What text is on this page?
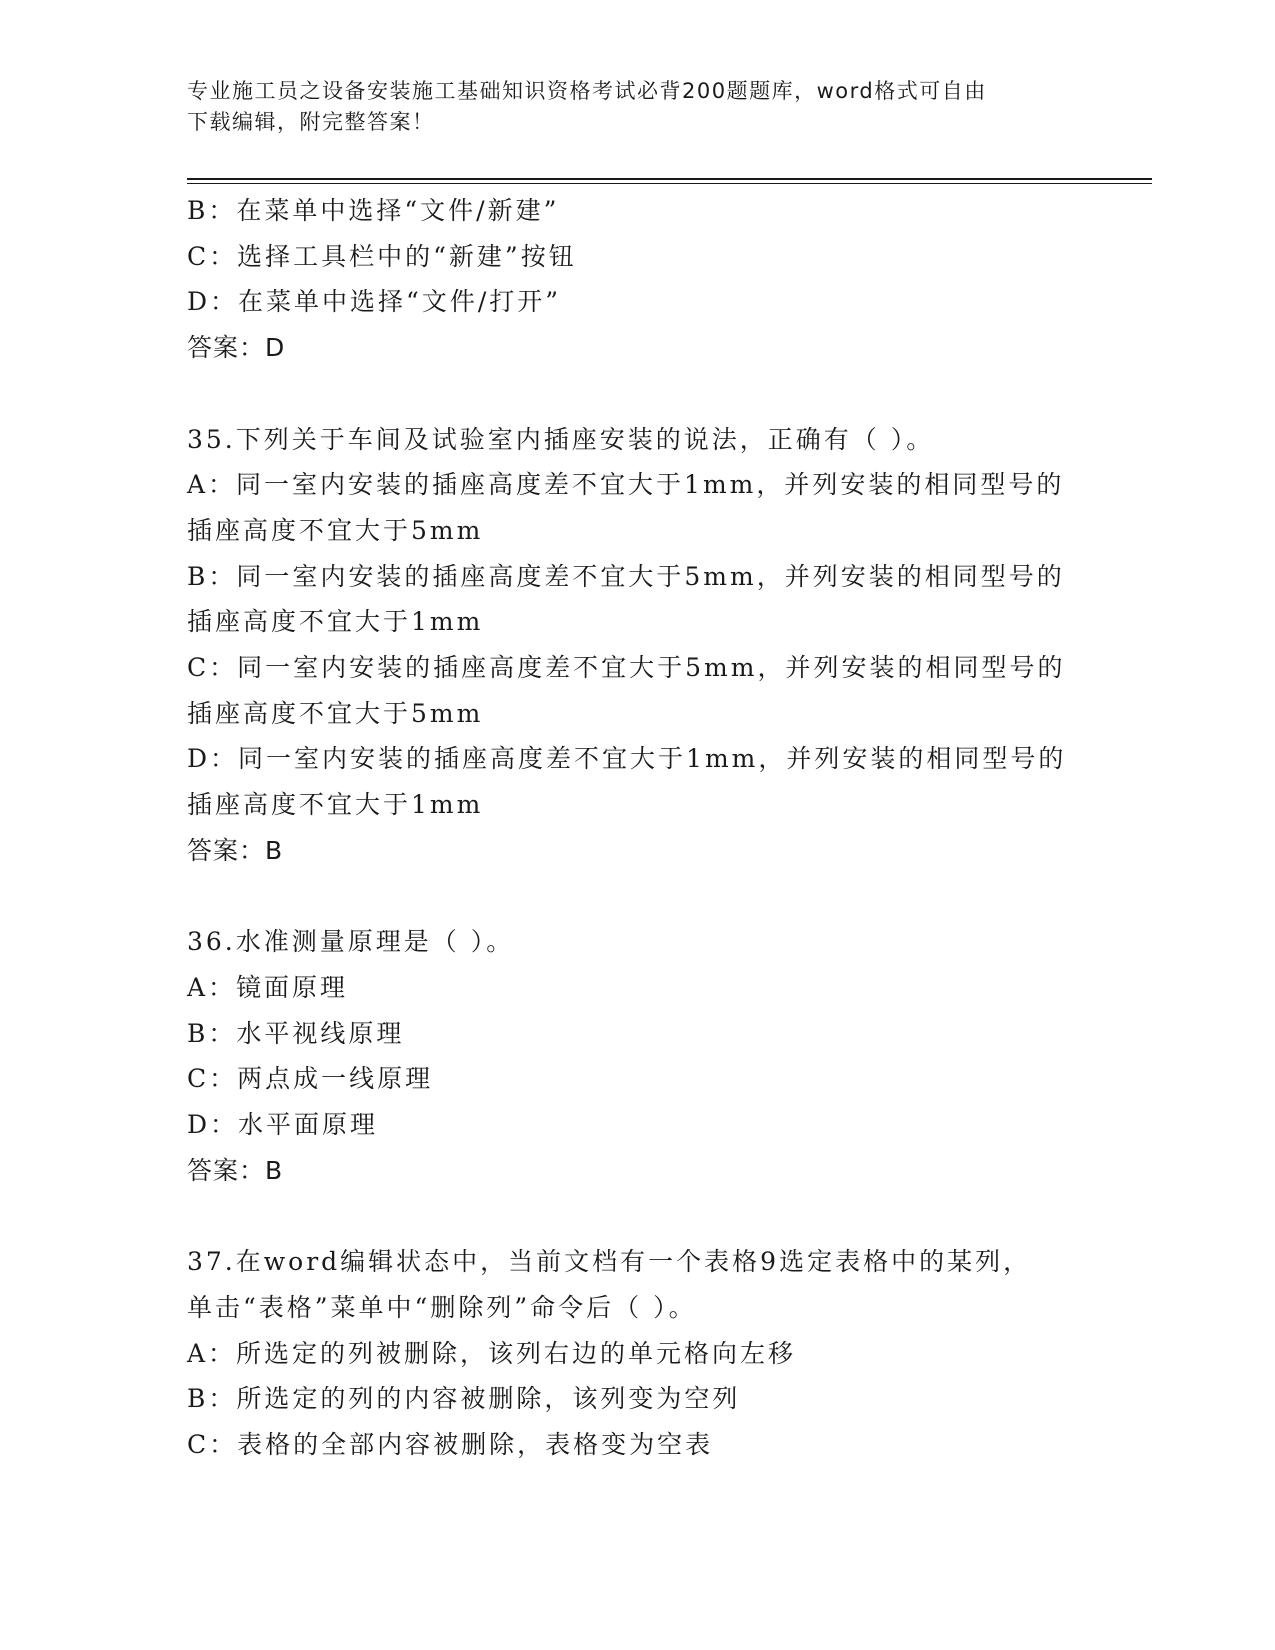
专业施工员之设备安装施工基础知识资格考试必背200题题库，word格式可自由
下载编辑，附完整答案！
B：在菜单中选择“文件/新建”
C：选择工具栏中的“新建”按钮
D：在菜单中选择“文件/打开”
答案：D
35.下列关于车间及试验室内插座安装的说法，正确有（ ）。
A：同一室内安装的插座高度差不宜大于1mm，并列安装的相同型号的
插座高度不宜大于5mm
B：同一室内安装的插座高度差不宜大于5mm，并列安装的相同型号的
插座高度不宜大于1mm
C：同一室内安装的插座高度差不宜大于5mm，并列安装的相同型号的
插座高度不宜大于5mm
D：同一室内安装的插座高度差不宜大于1mm，并列安装的相同型号的
插座高度不宜大于1mm
答案：B
36.水准测量原理是（ ）。
A：镜面原理
B：水平视线原理
C：两点成一线原理
D：水平面原理
答案：B
37.在word编辑状态中，当前文档有一个表格9选定表格中的某列，
单击“表格”菜单中“删除列”命令后（ ）。
A：所选定的列被删除，该列右边的单元格向左移
B：所选定的列的内容被删除，该列变为空列
C：表格的全部内容被删除，表格变为空表
